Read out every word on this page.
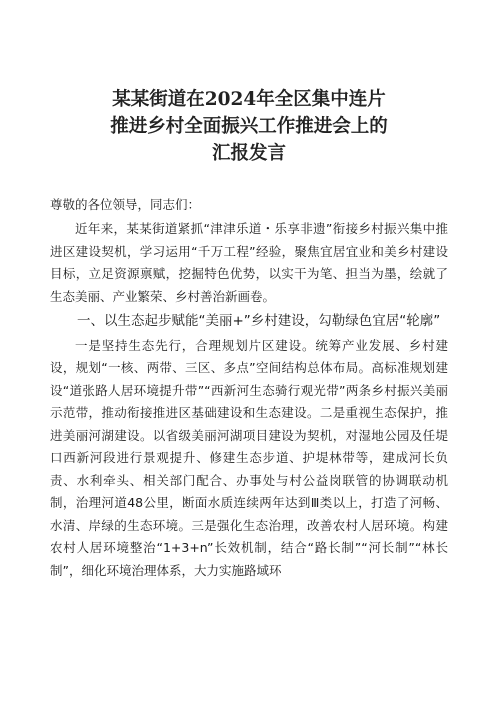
某某街道在2024年全区集中连片
推进乡村全面振兴工作推进会上的
汇报发言

尊敬的各位领导，同志们：

近年来，某某街道紧抓“津津乐道・乐享非遗”衔接乡村振兴集中推进区建设契机，学习运用“千万工程”经验，聚焦宜居宜业和美乡村建设目标，立足资源禀赋，挖掘特色优势，以实干为笔、担当为墨，绘就了生态美丽、产业繁荣、乡村善治新画卷。

一、以生态起步赋能“美丽+”乡村建设，勾勒绿色宜居“轮廓”

一是坚持生态先行，合理规划片区建设。统筹产业发展、乡村建设，规划“一核、两带、三区、多点”空间结构总体布局。高标准规划建设“道张路人居环境提升带”“西新河生态骑行观光带”两条乡村振兴美丽示范带，推动衔接推进区基础建设和生态建设。二是重视生态保护，推进美丽河湖建设。以省级美丽河湖项目建设为契机，对湿地公园及任堤口西新河段进行景观提升、修建生态步道、护堤林带等，建成河长负责、水利牵头、相关部门配合、办事处与村公益岗联管的协调联动机制，治理河道48公里，断面水质连续两年达到Ⅲ类以上，打造了河畅、水清、岸绿的生态环境。三是强化生态治理，改善农村人居环境。构建农村人居环境整治“1+3+n”长效机制，结合“路长制”“河长制”“林长制”，细化环境治理体系，大力实施路域环
